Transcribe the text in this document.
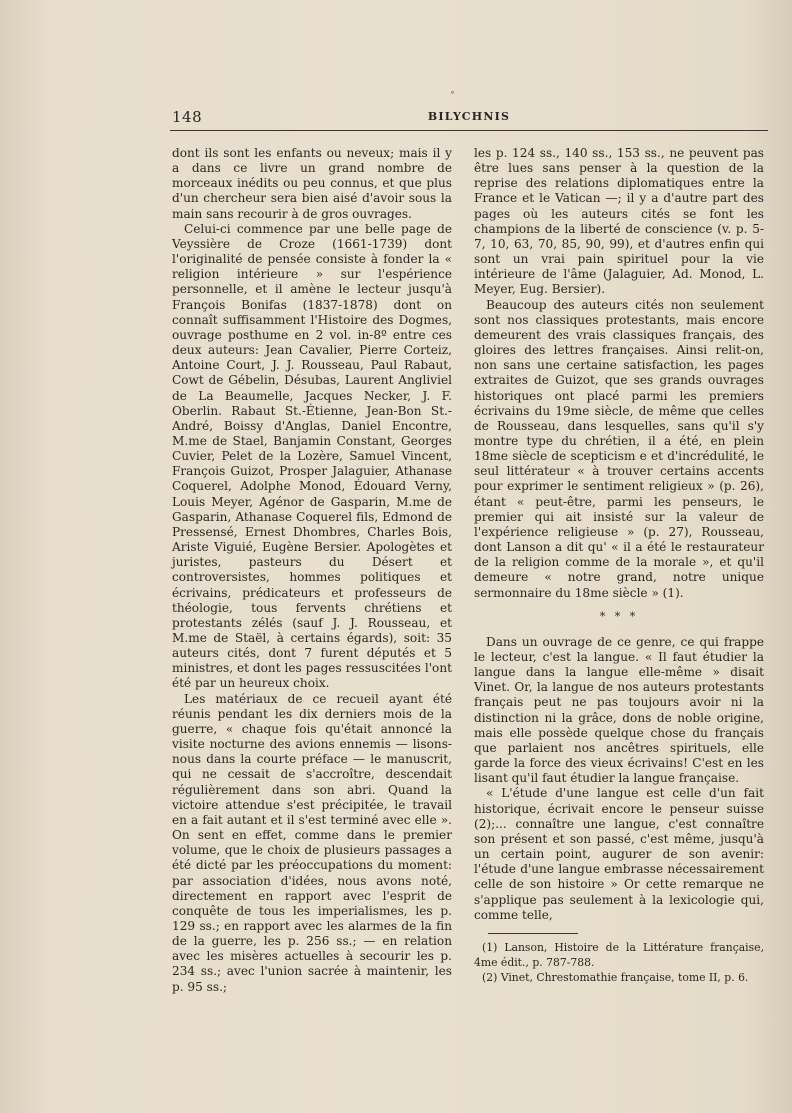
˚
148	BILYCHNIS

dont ils sont les enfants ou neveux; mais il y a dans ce livre un grand nombre de morceaux inédits ou peu connus, et que plus d'un chercheur sera bien aisé d'avoir sous la main sans recourir à de gros ouvrages.

Celui-ci commence par une belle page de Veyssière de Croze (1661-1739) dont l'originalité de pensée consiste à fonder la « religion intérieure » sur l'espérience personnelle, et il amène le lecteur jusqu'à François Bonifas (1837-1878) dont on connaît suffisamment l'Histoire des Dogmes, ouvrage posthume en 2 vol. in-8º entre ces deux auteurs: Jean Cavalier, Pierre Corteiz, Antoine Court, J. J. Rousseau, Paul Rabaut, Cowt de Gébelin, Désubas, Laurent Angliviel de La Beaumelle, Jacques Necker, J. F. Oberlin. Rabaut St.-Étienne, Jean-Bon St.-André, Boissy d'Anglas, Daniel Encontre, M.me de Stael, Banjamin Constant, Georges Cuvier, Pelet de la Lozère, Samuel Vincent, François Guizot, Prosper Jalaguier, Athanase Coquerel, Adolphe Monod, Édouard Verny, Louis Meyer, Agénor de Gasparin, M.me de Gasparin, Athanase Coquerel fils, Edmond de Pressensé, Ernest Dhombres, Charles Bois, Ariste Viguié, Eugène Bersier. Apologètes et juristes, pasteurs du Désert et controversistes, hommes politiques et écrivains, prédicateurs et professeurs de théologie, tous fervents chrétiens et protestants zélés (sauf J. J. Rousseau, et M.me de Staël, à certains égards), soit: 35 auteurs cités, dont 7 furent députés et 5 ministres, et dont les pages ressuscitées l'ont été par un heureux choix.

Les matériaux de ce recueil ayant été réunis pendant les dix derniers mois de la guerre, « chaque fois qu'était annoncé la visite nocturne des avions ennemis — lisons-nous dans la courte préface — le manuscrit, qui ne cessait de s'accroître, descendait régulièrement dans son abri. Quand la victoire attendue s'est précipitée, le travail en a fait autant et il s'est terminé avec elle ». On sent en effet, comme dans le premier volume, que le choix de plusieurs passages a été dicté par les préoccupations du moment: par association d'idées, nous avons noté, directement en rapport avec l'esprit de conquête de tous les imperialismes, les p. 129 ss.; en rapport avec les alarmes de la fin de la guerre, les p. 256 ss.; — en relation avec les misères actuelles à secourir les p. 234 ss.; avec l'union sacrée à maintenir, les p. 95 ss.;

les p. 124 ss., 140 ss., 153 ss., ne peuvent pas être lues sans penser à la question de la reprise des relations diplomatiques entre la France et le Vatican —; il y a d'autre part des pages où les auteurs cités se font les champions de la liberté de conscience (v. p. 5-7, 10, 63, 70, 85, 90, 99), et d'autres enfin qui sont un vrai pain spirituel pour la vie intérieure de l'âme (Jalaguier, Ad. Monod, L. Meyer, Eug. Bersier).

Beaucoup des auteurs cités non seulement sont nos classiques protestants, mais encore demeurent des vrais classiques français, des gloires des lettres françaises. Ainsi relit-on, non sans une certaine satisfaction, les pages extraites de Guizot, que ses grands ouvrages historiques ont placé parmi les premiers écrivains du 19me siècle, de même que celles de Rousseau, dans lesquelles, sans qu'il s'y montre type du chrétien, il a été, en plein 18me siècle de scepticism e et d'incrédulité, le seul littérateur « à trouver certains accents pour exprimer le sentiment religieux » (p. 26), étant « peut-être, parmi les penseurs, le premier qui ait insisté sur la valeur de l'expérience religieuse » (p. 27), Rousseau, dont Lanson a dit qu' « il a été le restaurateur de la religion comme de la morale », et qu'il demeure « notre grand, notre unique sermonnaire du 18me siècle » (1).

* * *

Dans un ouvrage de ce genre, ce qui frappe le lecteur, c'est la langue. « Il faut étudier la langue dans la langue elle-même » disait Vinet. Or, la langue de nos auteurs protestants français peut ne pas toujours avoir ni la distinction ni la grâce, dons de noble origine, mais elle possède quelque chose du français que parlaient nos ancêtres spirituels, elle garde la force des vieux écrivains! C'est en les lisant qu'il faut étudier la langue française.

« L'étude d'une langue est celle d'un fait historique, écrivait encore le penseur suisse (2);... connaître une langue, c'est connaître son présent et son passé, c'est même, jusqu'à un certain point, augurer de son avenir: l'étude d'une langue embrasse nécessairement celle de son histoire » Or cette remarque ne s'applique pas seulement à la lexicologie qui, comme telle,

(1) Lanson, Histoire de la Littérature française, 4me édit., p. 787-788.

(2) Vinet, Chrestomathie française, tome II, p. 6.
